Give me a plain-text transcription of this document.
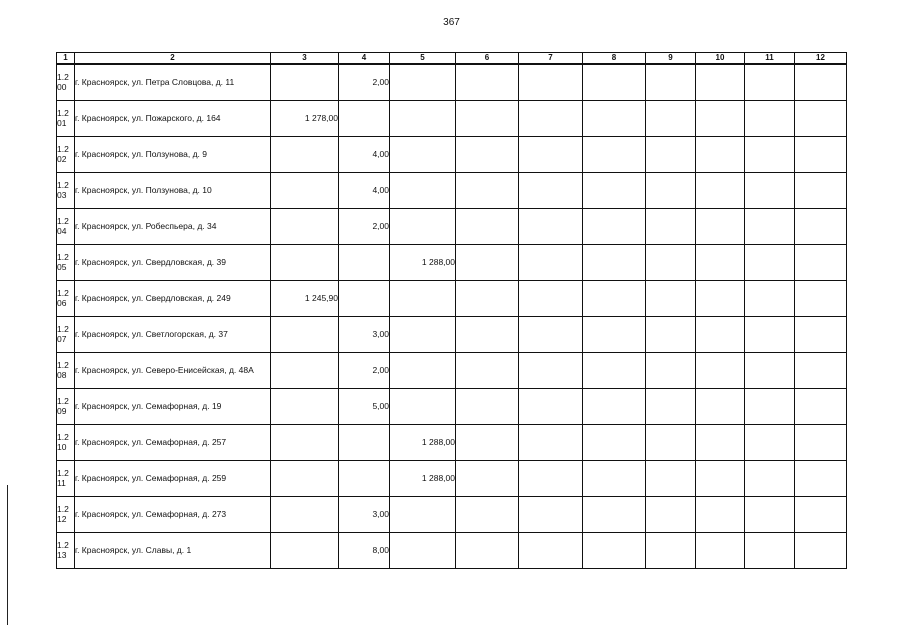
367
1	2	3	4	5	6	7	8	9	10	11	12
1.2 00	г. Красноярск, ул. Петра Словцова, д. 11		2,00								
1.2 01	г. Красноярск, ул. Пожарского, д. 164	1 278,00									
1.2 02	г. Красноярск, ул. Ползунова, д. 9		4,00								
1.2 03	г. Красноярск, ул. Ползунова, д. 10		4,00								
1.2 04	г. Красноярск, ул. Робеспьера, д. 34		2,00								
1.2 05	г. Красноярск, ул. Свердловская, д. 39			1 288,00							
1.2 06	г. Красноярск, ул. Свердловская, д. 249	1 245,90									
1.2 07	г. Красноярск, ул. Светлогорская, д. 37		3,00								
1.2 08	г. Красноярск, ул. Северо-Енисейская, д. 48А		2,00								
1.2 09	г. Красноярск, ул. Семафорная, д. 19		5,00								
1.2 10	г. Красноярск, ул. Семафорная, д. 257			1 288,00							
1.2 11	г. Красноярск, ул. Семафорная, д. 259			1 288,00							
1.2 12	г. Красноярск, ул. Семафорная, д. 273		3,00								
1.2 13	г. Красноярск, ул. Славы, д. 1		8,00								
